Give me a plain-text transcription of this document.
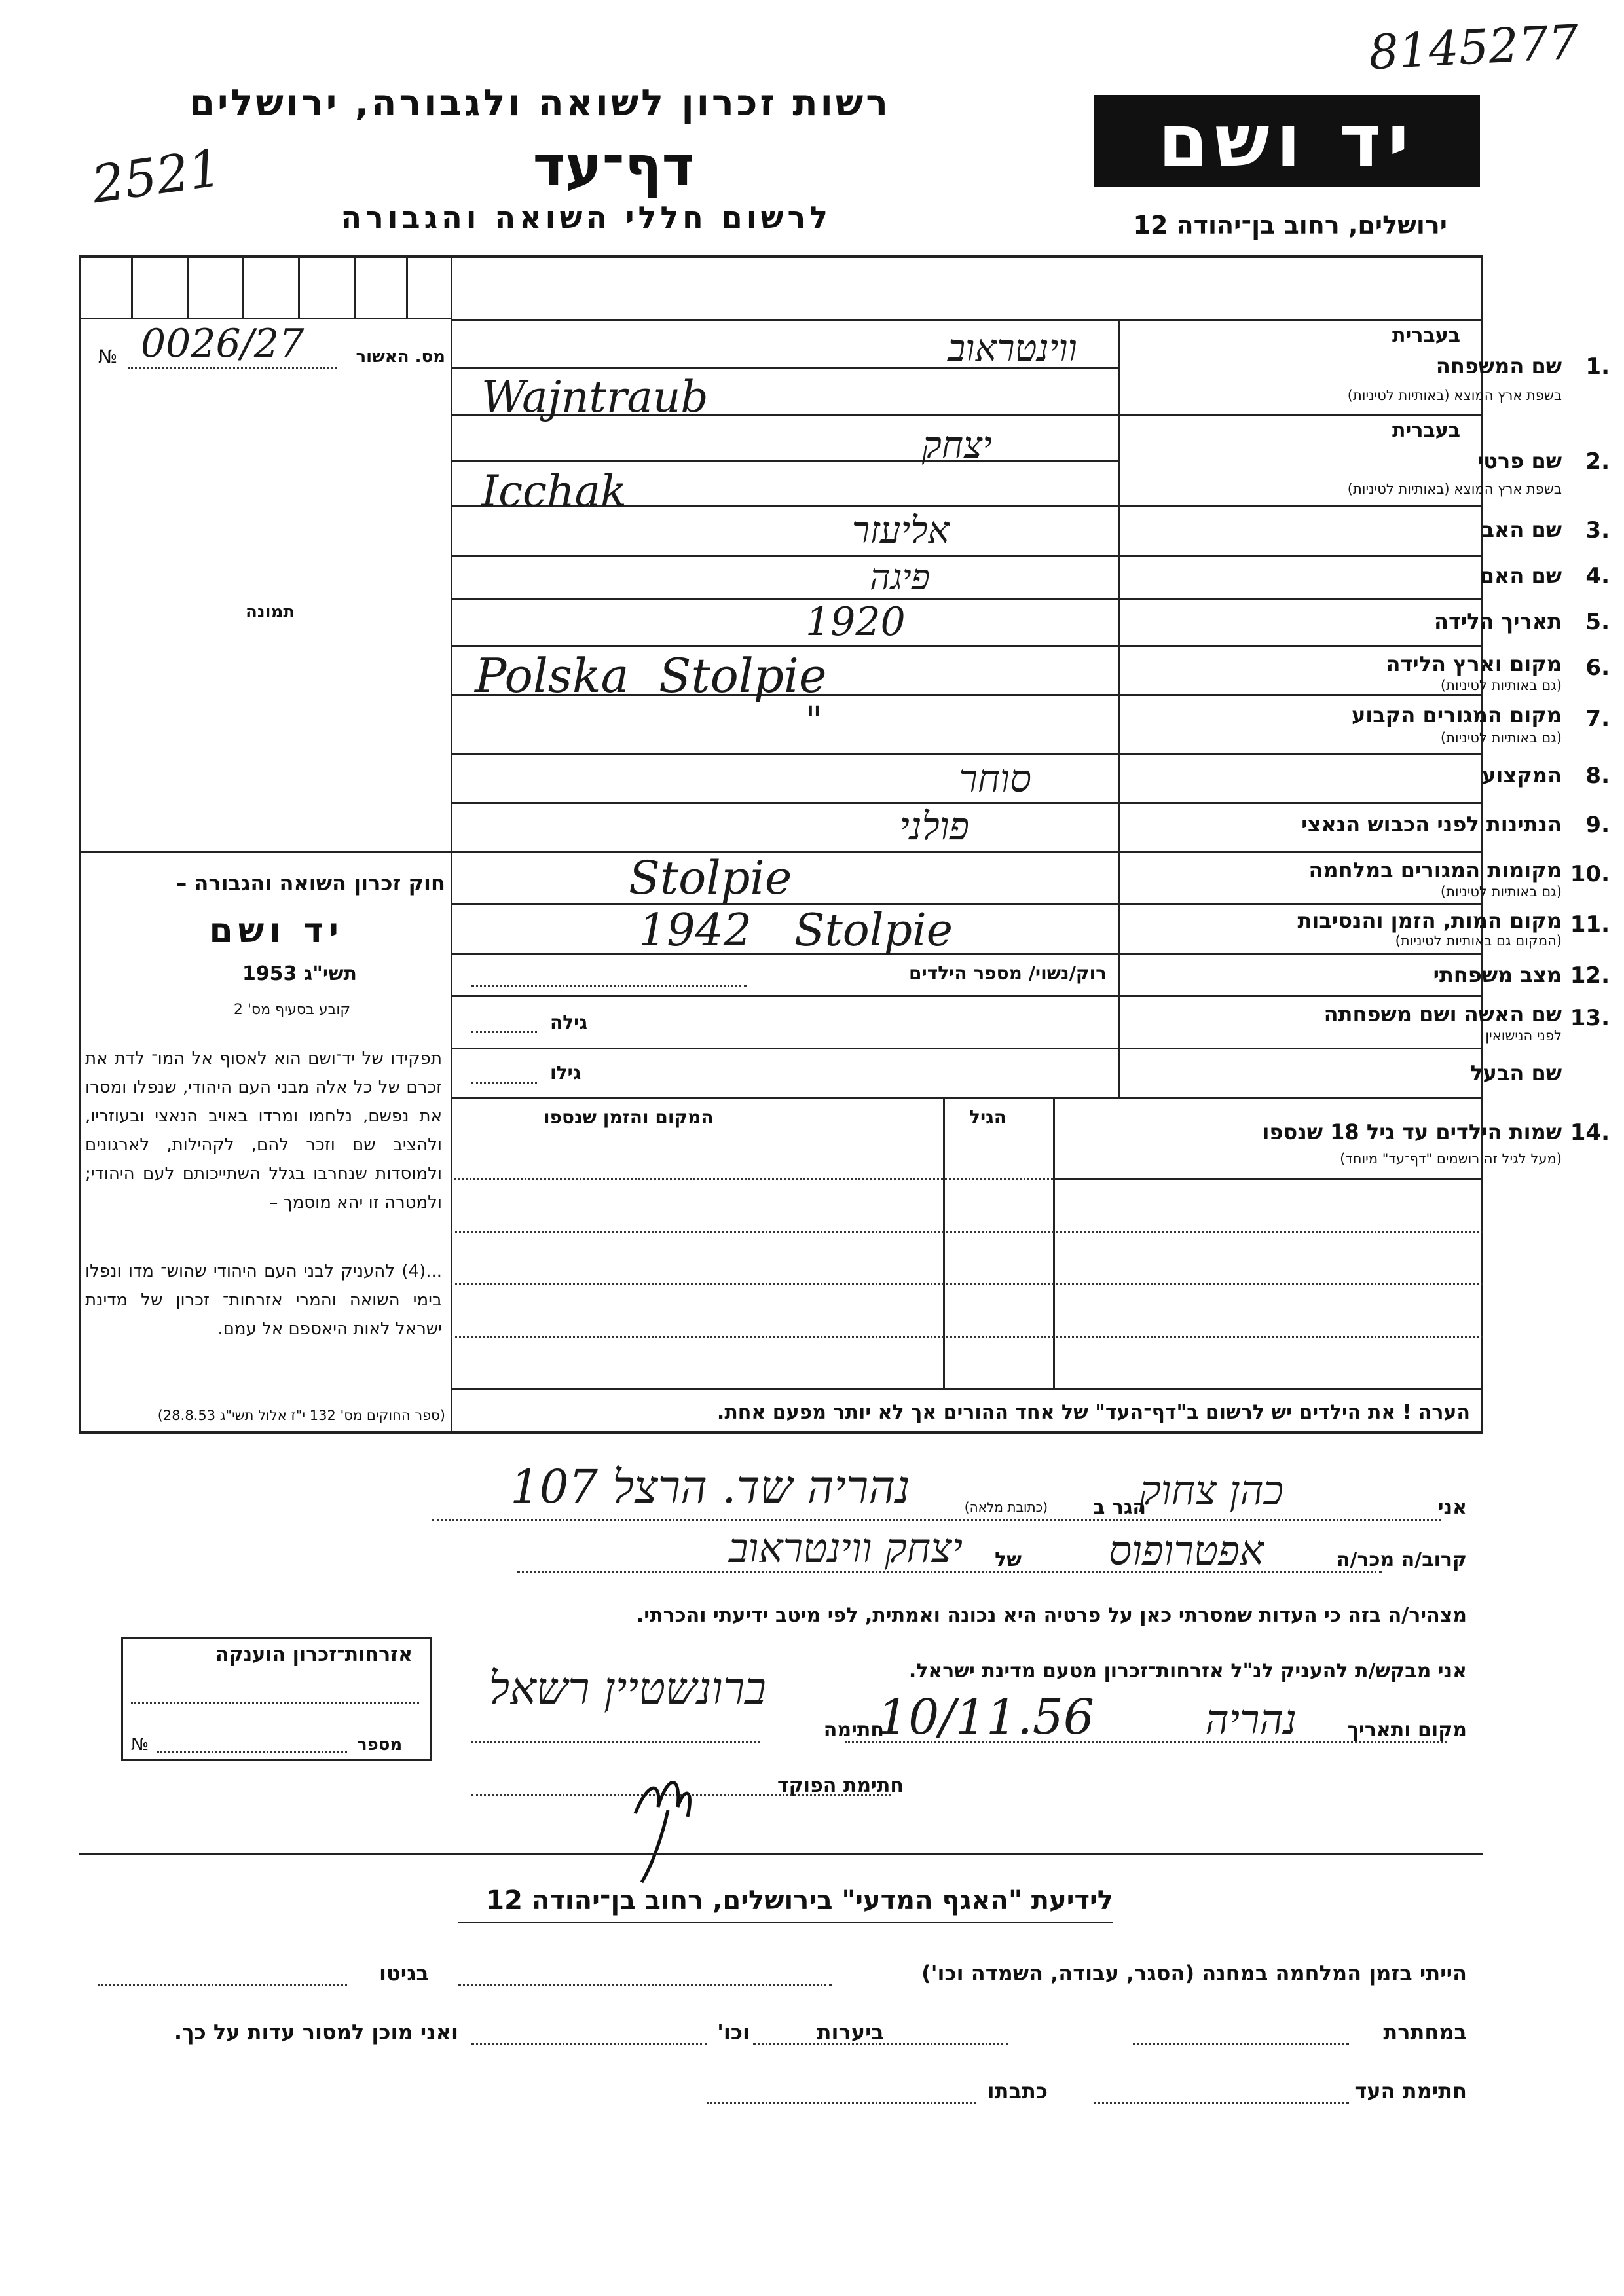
8145277
2521
רשות זכרון לשואה ולגבורה, ירושלים
דף־עד
לרשום חללי השואה והגבורה
יד ושם
ירושלים, רחוב בן־יהודה 12
מס. האשור
№ 0026/27
תמונה
חוק זכרון השואה והגבורה –
יד ושם
תשי"ג 1953
קובע בסעיף מס' 2
תפקידו של יד־ושם הוא לאסוף אל המו־ לדת את זכרם של כל אלה מבני העם היהודי, שנפלו ומסרו את נפשם, נלחמו ומרדו באויב הנאצי ובעוזריו, ולהציב שם וזכר להם, לקהילות, לארגונים ולמוסדות שנחרבו בגלל השתייכותם לעם היהודי; ולמטרה זו יהא מוסמך –
...(4) להעניק לבני העם היהודי שהוש־ מדו ונפלו בימי השואה והמרי אזרחות־ זכרון של מדינת ישראל לאות היאספם אל עמם.
(ספר החוקים מס' 132 י"ז אלול תשי"ג 28.8.53)
1.
בעברית
שם המשפחה
בשפת ארץ המוצא (באותיות לטיניות)
ווינטראוב
Wajntraub
2.
בעברית
שם פרטי
בשפת ארץ המוצא (באותיות לטיניות)
יצחק
Icchak
3.
שם האב
אליעזר
4.
שם האם
פיגה
5.
תאריך הלידה
1920
6.
מקום וארץ הלידה
(גם באותיות לטיניות)
Polska  Stolpie
7.
מקום המגורים הקבוע
(גם באותיות לטיניות)
"
8.
המקצוע
סוחר
9.
הנתינות לפני הכבוש הנאצי
פולני
10.
מקומות המגורים במלחמה
(גם באותיות לטיניות)
Stolpie
11.
מקום המות, הזמן והנסיבות
(המקום גם באותיות לטיניות)
1942   Stolpie
12.
מצב משפחתי
רוק/נשוי/ מספר הילדים
13.
שם האשה ושם משפחתה
לפני הנישואין
גילה
שם הבעל
גילו
14.
שמות הילדים עד גיל 18 שנספו
(מעל לגיל זה רושמים "דף־עד" מיוחד)
הגיל
המקום והזמן שנספו
הערה ! את הילדים יש לרשום ב"דף־העד" של אחד ההורים אך לא יותר מפעם אחת.
אני
כהן צחוק
הגר ב
(כתובת מלאה)
נהריה שד. הרצל 107
קרוב/ה מכר/ה
אפטרופוס
של
יצחק ווינטראוב
מצהיר/ה בזה כי העדות שמסרתי כאן על פרטיה היא נכונה ואמתית, לפי מיטב ידיעתי והכרתי.
אני מבקש/ת להעניק לנ"ל אזרחות־זכרון מטעם מדינת ישראל.
מקום ותאריך
נהריה
10/11.56
חתימה
ברונשטיין רשאל
חתימת הפוקד
אזרחות־זכרון הוענקה
מספר
№
לידיעת "האגף המדעי" בירושלים, רחוב בן־יהודה 12
הייתי בזמן המלחמה במחנה (הסגר, עבודה, השמדה וכו')
בגיטו
במחתרת
ביערות
וכו'
ואני מוכן למסור עדות על כך.
חתימת העד
כתבתו
